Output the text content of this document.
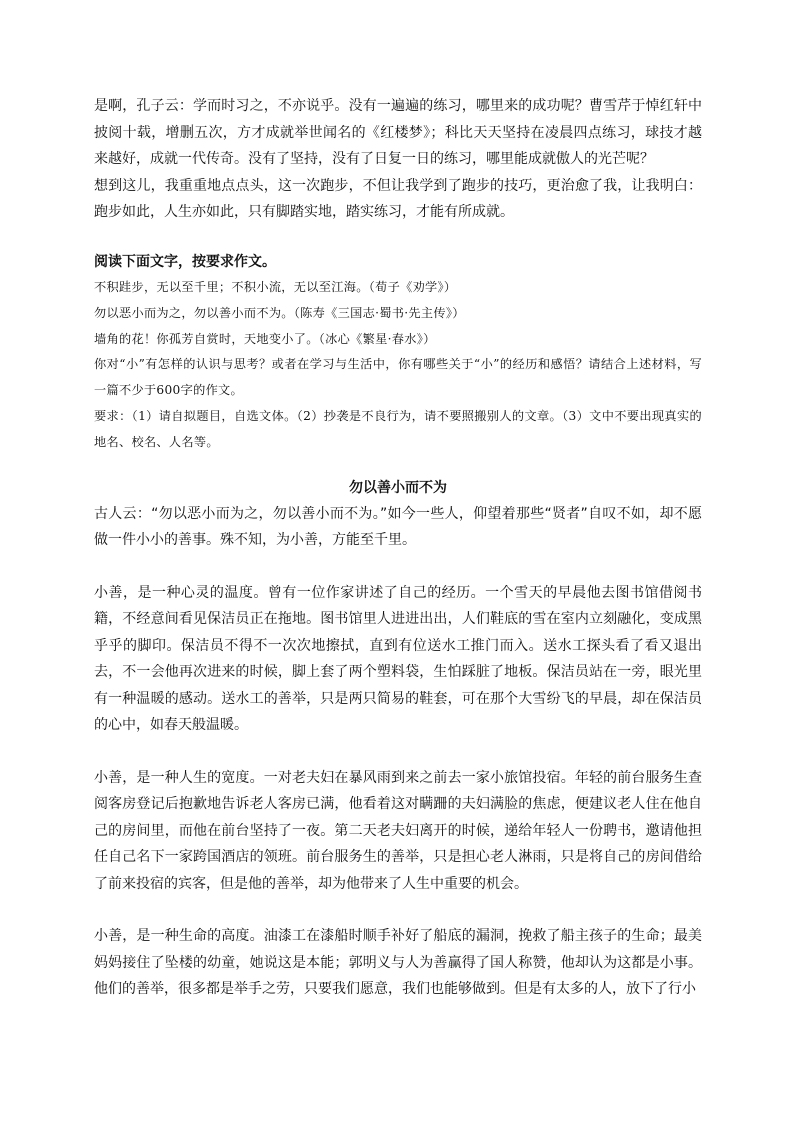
是啊，孔子云：学而时习之，不亦说乎。没有一遍遍的练习，哪里来的成功呢？曹雪芹于悼红轩中披阅十载，增删五次，方才成就举世闻名的《红楼梦》；科比天天坚持在凌晨四点练习，球技才越来越好，成就一代传奇。没有了坚持，没有了日复一日的练习，哪里能成就傲人的光芒呢？

想到这儿，我重重地点点头，这一次跑步，不但让我学到了跑步的技巧，更治愈了我，让我明白：跑步如此，人生亦如此，只有脚踏实地，踏实练习，才能有所成就。

阅读下面文字，按要求作文。

不积跬步，无以至千里；不积小流，无以至江海。（荀子《劝学》）

勿以恶小而为之，勿以善小而不为。（陈寿《三国志·蜀书·先主传》）

墙角的花！你孤芳自赏时，天地变小了。（冰心《繁星·春水》）

你对“小”有怎样的认识与思考？或者在学习与生活中，你有哪些关于“小”的经历和感悟？请结合上述材料，写一篇不少于600字的作文。

要求：（1）请自拟题目，自选文体。（2）抄袭是不良行为，请不要照搬别人的文章。（3）文中不要出现真实的地名、校名、人名等。

勿以善小而不为

古人云：“勿以恶小而为之，勿以善小而不为。”如今一些人，仰望着那些“贤者”自叹不如，却不愿做一件小小的善事。殊不知，为小善，方能至千里。

小善，是一种心灵的温度。曾有一位作家讲述了自己的经历。一个雪天的早晨他去图书馆借阅书籍，不经意间看见保洁员正在拖地。图书馆里人进进出出，人们鞋底的雪在室内立刻融化，变成黑乎乎的脚印。保洁员不得不一次次地擦拭，直到有位送水工推门而入。送水工探头看了看又退出去，不一会他再次进来的时候，脚上套了两个塑料袋，生怕踩脏了地板。保洁员站在一旁，眼光里有一种温暖的感动。送水工的善举，只是两只简易的鞋套，可在那个大雪纷飞的早晨，却在保洁员的心中，如春天般温暖。

小善，是一种人生的宽度。一对老夫妇在暴风雨到来之前去一家小旅馆投宿。年轻的前台服务生查阅客房登记后抱歉地告诉老人客房已满，他看着这对瞒跚的夫妇满脸的焦虑，便建议老人住在他自己的房间里，而他在前台坚持了一夜。第二天老夫妇离开的时候，递给年轻人一份聘书，邀请他担任自己名下一家跨国酒店的领班。前台服务生的善举，只是担心老人淋雨，只是将自己的房间借给了前来投宿的宾客，但是他的善举，却为他带来了人生中重要的机会。

小善，是一种生命的高度。油漆工在漆船时顺手补好了船底的漏洞，挽救了船主孩子的生命；最美妈妈接住了坠楼的幼童，她说这是本能；郭明义与人为善赢得了国人称赞，他却认为这都是小事。他们的善举，很多都是举手之劳，只要我们愿意，我们也能够做到。但是有太多的人，放下了行小
